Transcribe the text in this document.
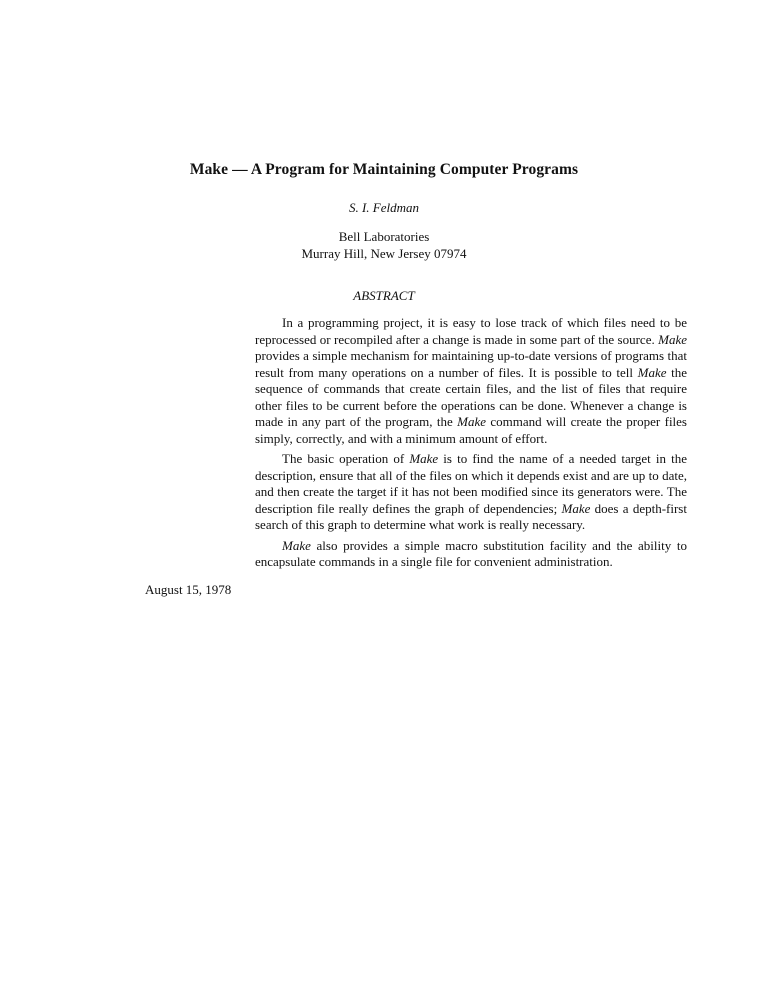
Make — A Program for Maintaining Computer Programs
S. I. Feldman
Bell Laboratories
Murray Hill, New Jersey 07974
ABSTRACT

In a programming project, it is easy to lose track of which files need to be reprocessed or recompiled after a change is made in some part of the source. Make provides a simple mechanism for maintaining up-to-date versions of programs that result from many operations on a number of files. It is possible to tell Make the sequence of commands that create certain files, and the list of files that require other files to be current before the operations can be done. Whenever a change is made in any part of the program, the Make command will create the proper files simply, correctly, and with a minimum amount of effort.

The basic operation of Make is to find the name of a needed target in the description, ensure that all of the files on which it depends exist and are up to date, and then create the target if it has not been modified since its generators were. The description file really defines the graph of dependencies; Make does a depth-first search of this graph to determine what work is really necessary.

Make also provides a simple macro substitution facility and the ability to encapsulate commands in a single file for convenient administration.

August 15, 1978
